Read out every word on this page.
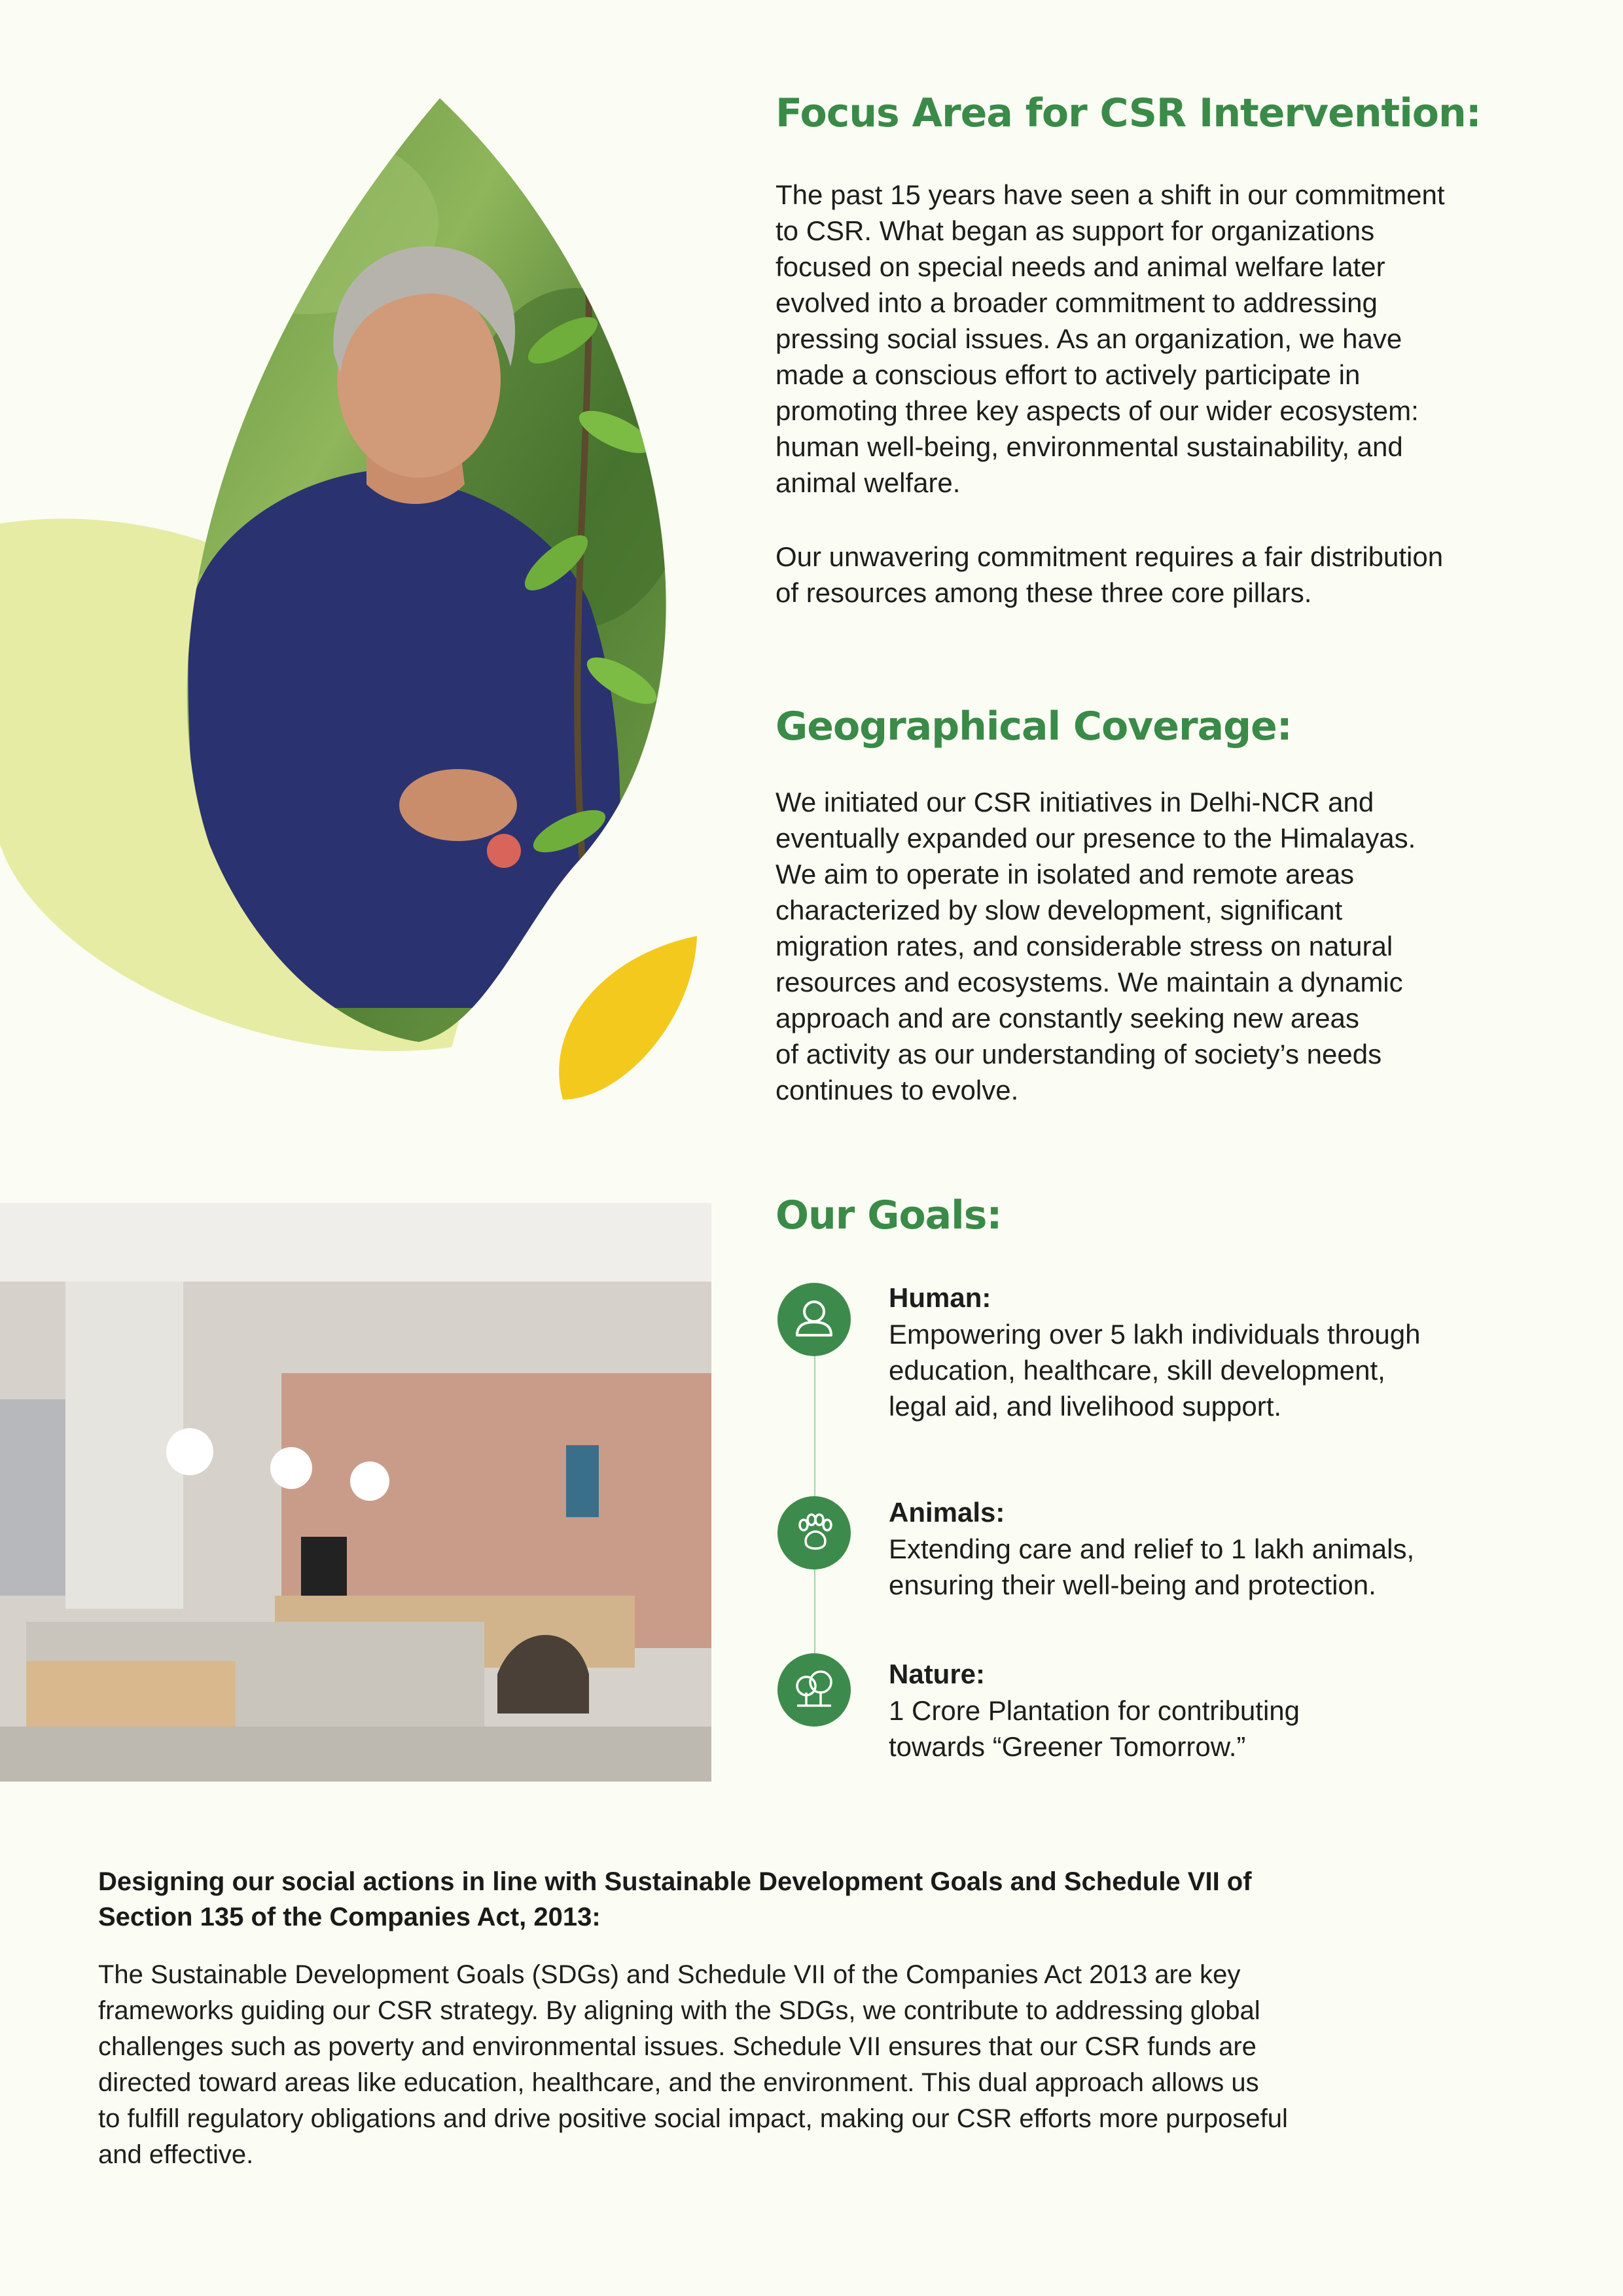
Focus Area for CSR Intervention:

The past 15 years have seen a shift in our commitment
to CSR. What began as support for organizations
focused on special needs and animal welfare later
evolved into a broader commitment to addressing
pressing social issues. As an organization, we have
made a conscious effort to actively participate in
promoting three key aspects of our wider ecosystem:
human well-being, environmental sustainability, and
animal welfare.

Our unwavering commitment requires a fair distribution
of resources among these three core pillars.

Geographical Coverage:

We initiated our CSR initiatives in Delhi-NCR and
eventually expanded our presence to the Himalayas.
We aim to operate in isolated and remote areas
characterized by slow development, significant
migration rates, and considerable stress on natural
resources and ecosystems. We maintain a dynamic
approach and are constantly seeking new areas
of activity as our understanding of society’s needs
continues to evolve.

Our Goals:

Human:

Empowering over 5 lakh individuals through
education, healthcare, skill development,
legal aid, and livelihood support.

Animals:

Extending care and relief to 1 lakh animals,
ensuring their well-being and protection.

Nature:

1 Crore Plantation for contributing
towards “Greener Tomorrow.”

Designing our social actions in line with Sustainable Development Goals and Schedule VII of
Section 135 of the Companies Act, 2013:

The Sustainable Development Goals (SDGs) and Schedule VII of the Companies Act 2013 are key
frameworks guiding our CSR strategy. By aligning with the SDGs, we contribute to addressing global
challenges such as poverty and environmental issues. Schedule VII ensures that our CSR funds are
directed toward areas like education, healthcare, and the environment. This dual approach allows us
to fulfill regulatory obligations and drive positive social impact, making our CSR efforts more purposeful
and effective.
